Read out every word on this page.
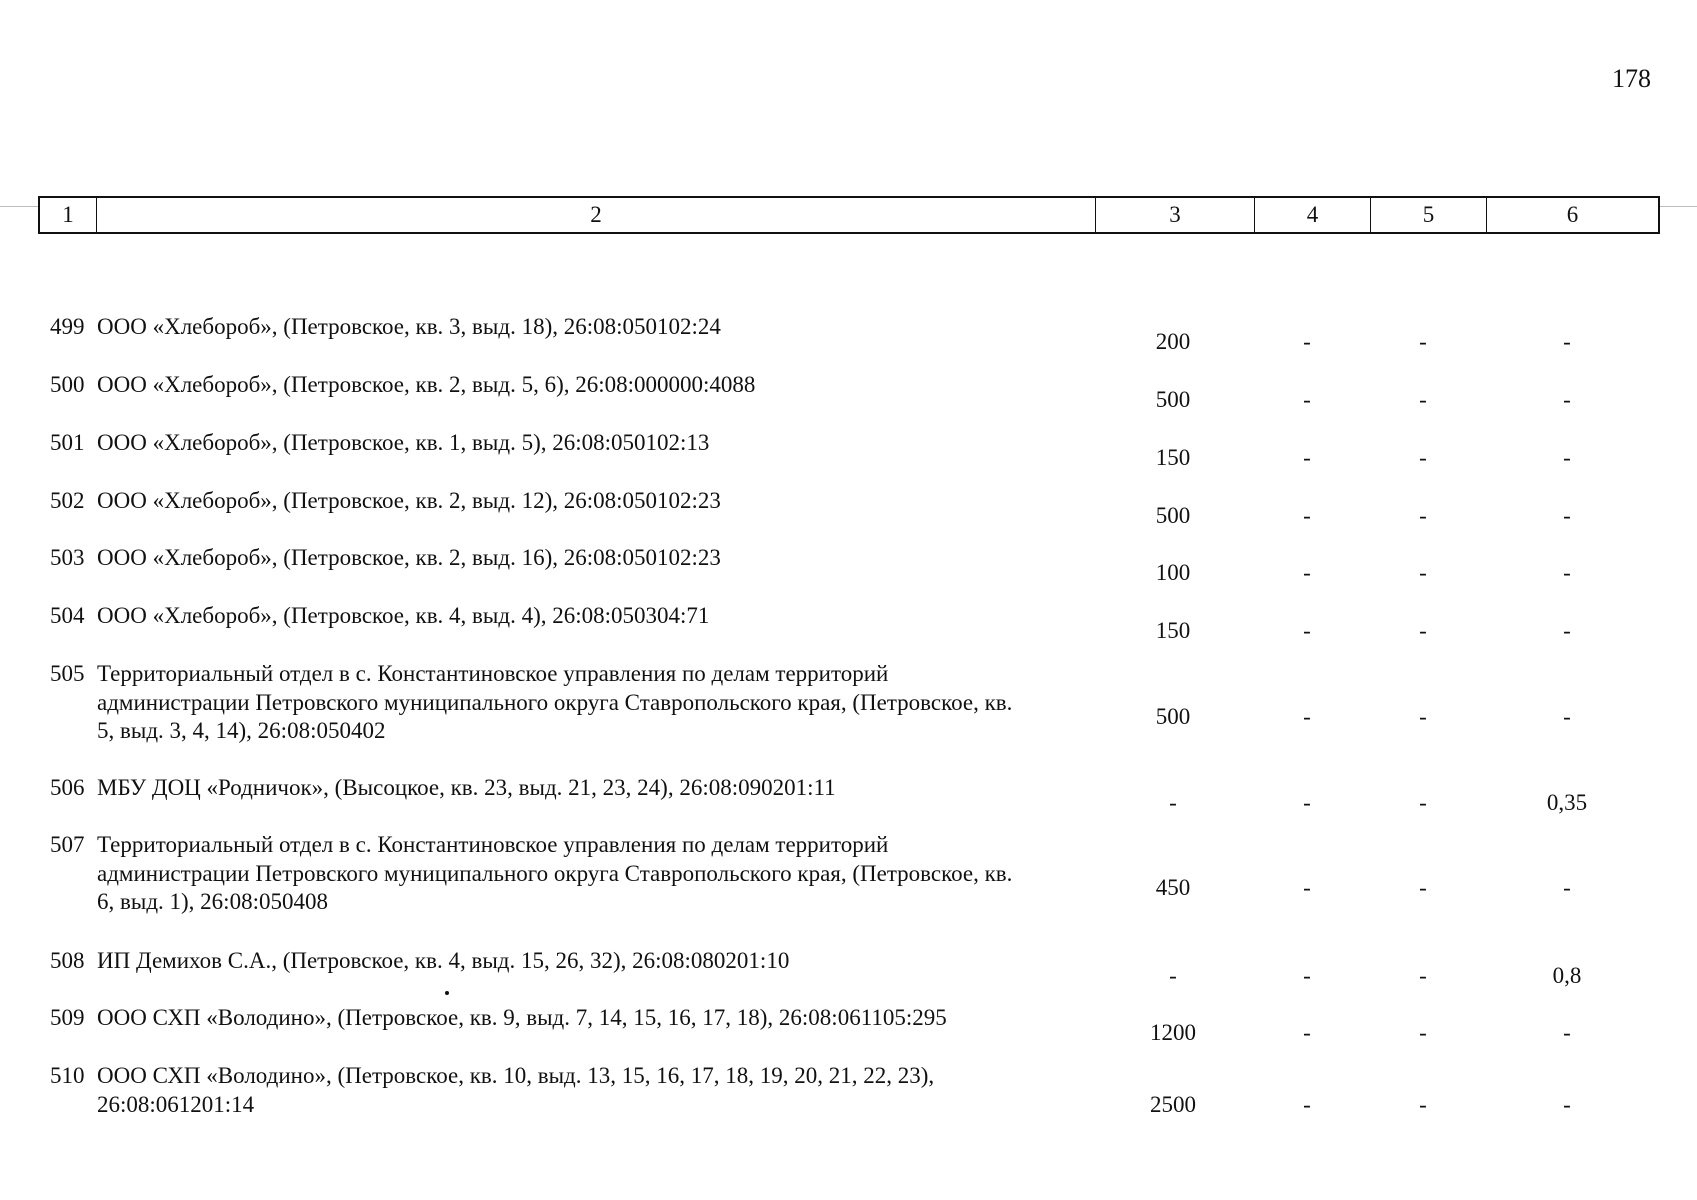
178
1	2	3	4	5	6
499 ООО «Хлебороб», (Петровское, кв. 3, выд. 18), 26:08:050102:24
200	-	-	-
500 ООО «Хлебороб», (Петровское, кв. 2, выд. 5, 6), 26:08:000000:4088
500	-	-	-
501 ООО «Хлебороб», (Петровское, кв. 1, выд. 5), 26:08:050102:13
150	-	-	-
502 ООО «Хлебороб», (Петровское, кв. 2, выд. 12), 26:08:050102:23
500	-	-	-
503 ООО «Хлебороб», (Петровское, кв. 2, выд. 16), 26:08:050102:23
100	-	-	-
504 ООО «Хлебороб», (Петровское, кв. 4, выд. 4), 26:08:050304:71
150	-	-	-
505 Территориальный отдел в с. Константиновское управления по делам территорий
администрации Петровского муниципального округа Ставропольского края, (Петровское, кв.
5, выд. 3, 4, 14), 26:08:050402
500	-	-	-
506 МБУ ДОЦ «Родничок», (Высоцкое, кв. 23, выд. 21, 23, 24), 26:08:090201:11
-	-	-	0,35
507 Территориальный отдел в с. Константиновское управления по делам территорий
администрации Петровского муниципального округа Ставропольского края, (Петровское, кв.
6, выд. 1), 26:08:050408
450	-	-	-
508 ИП Демихов С.А., (Петровское, кв. 4, выд. 15, 26, 32), 26:08:080201:10
-	-	-	0,8
509 ООО СХП «Володино», (Петровское, кв. 9, выд. 7, 14, 15, 16, 17, 18), 26:08:061105:295
1200	-	-	-
510 ООО СХП «Володино», (Петровское, кв. 10, выд. 13, 15, 16, 17, 18, 19, 20, 21, 22, 23),
26:08:061201:14	2500	-	-	-
